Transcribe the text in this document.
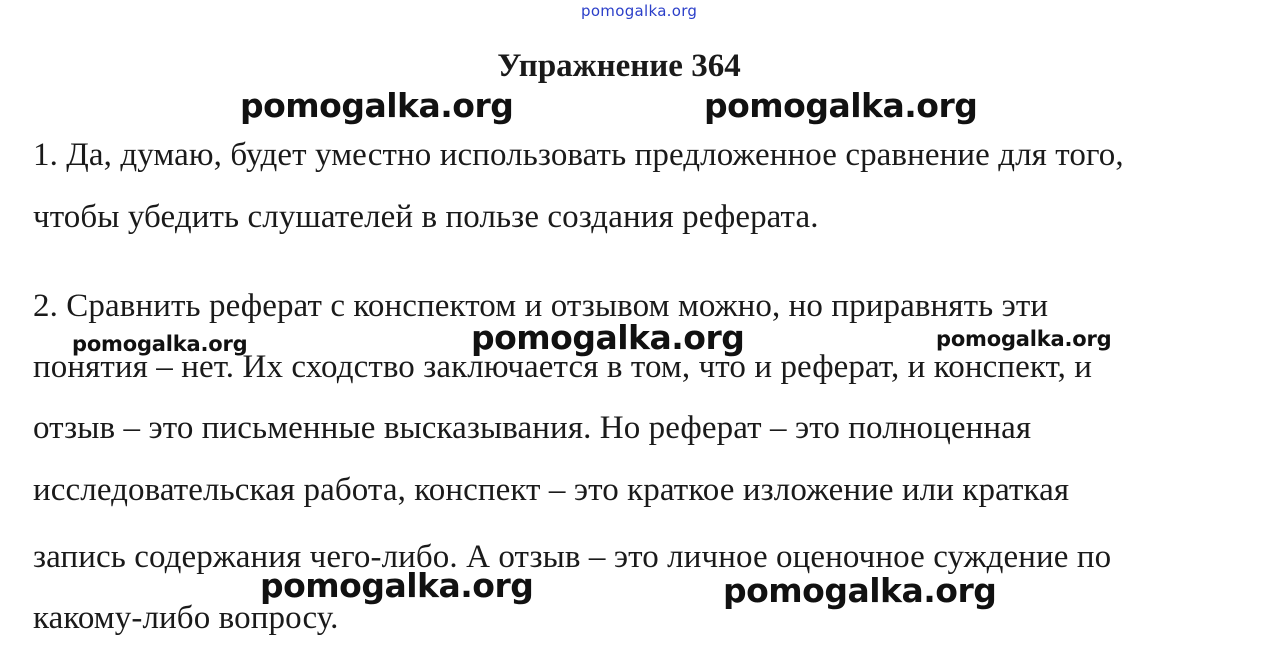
pomogalka.org
Упражнение 364
1. Да, думаю, будет уместно использовать предложенное сравнение для того,
чтобы убедить слушателей в пользе создания реферата.
2. Сравнить реферат с конспектом и отзывом можно, но приравнять эти
понятия – нет. Их сходство заключается в том, что и реферат, и конспект, и
отзыв – это письменные высказывания. Но реферат – это полноценная
исследовательская работа, конспект – это краткое изложение или краткая
запись содержания чего-либо. А отзыв – это личное оценочное суждение по
какому-либо вопросу.
pomogalka.org	pomogalka.org
pomogalka.org	pomogalka.org	pomogalka.org
pomogalka.org	pomogalka.org
